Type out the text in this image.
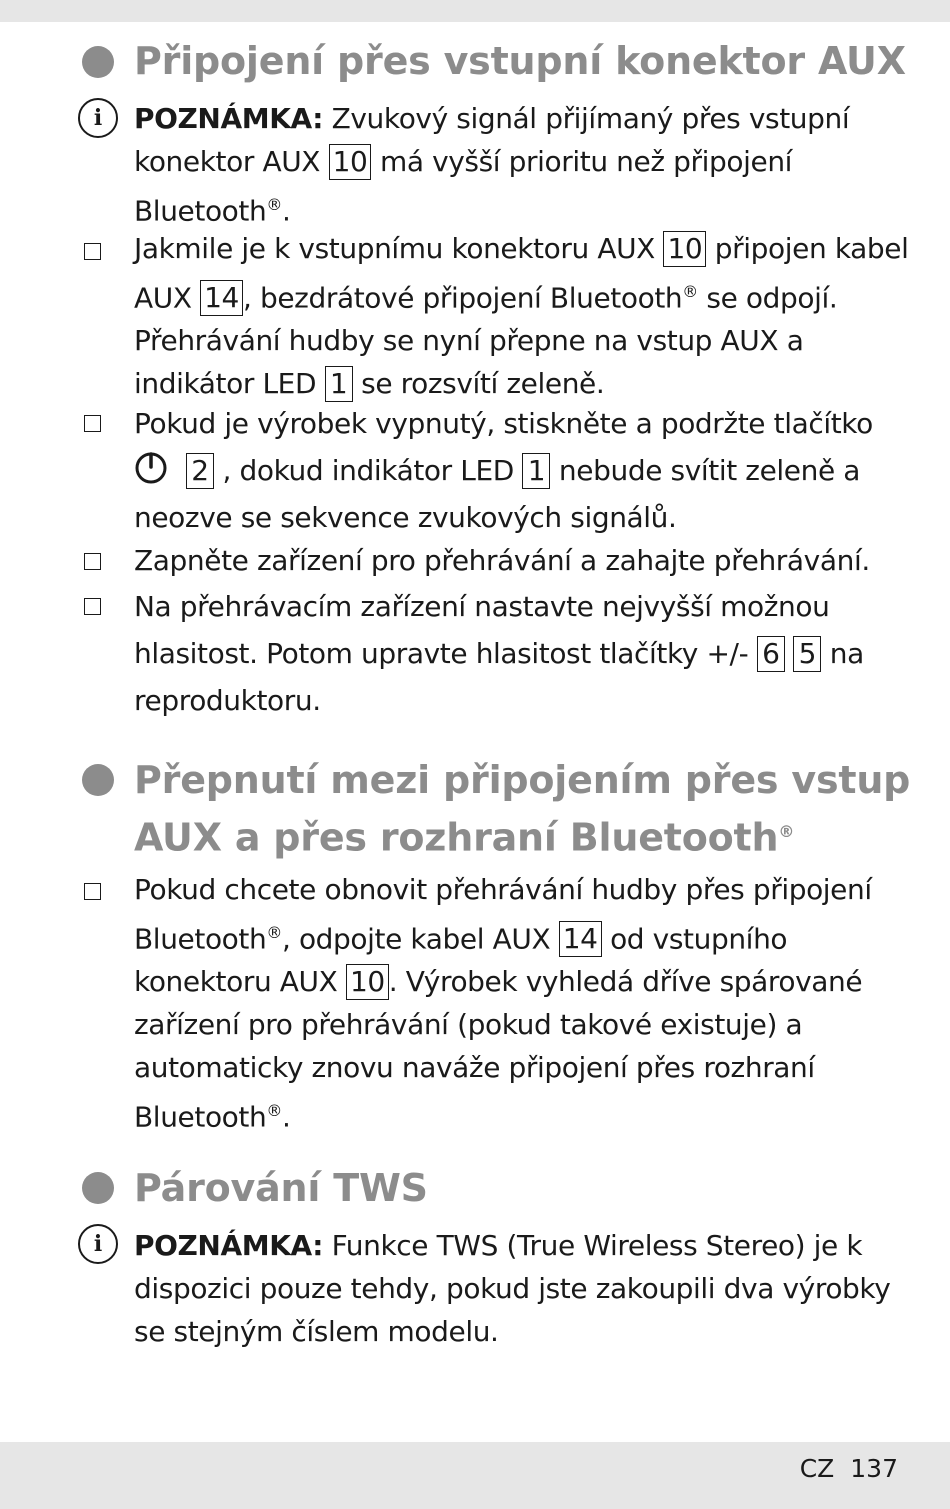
Připojení přes vstupní konektor AUX
i	POZNÁMKA: Zvukový signál přijímaný přes vstupní konektor AUX 10 má vyšší prioritu než připojení Bluetooth®.
Jakmile je k vstupnímu konektoru AUX 10 připojen kabel AUX 14 , bezdrátové připojení Bluetooth® se odpojí. Přehrávání hudby se nyní přepne na vstup AUX a indikátor LED 1 se rozsvítí zeleně.
Pokud je výrobek vypnutý, stiskněte a podržte tlačítko
2 , dokud indikátor LED 1 nebude svítit zeleně a neozve se sekvence zvukových signálů.
Zapněte zařízení pro přehrávání a zahajte přehrávání.
Na přehrávacím zařízení nastavte nejvyšší možnou hlasitost. Potom upravte hlasitost tlačítky +/- 6 5 na reproduktoru.
Přepnutí mezi připojením přes vstup AUX a přes rozhraní Bluetooth®
Pokud chcete obnovit přehrávání hudby přes připojení Bluetooth®, odpojte kabel AUX 14 od vstupního konektoru AUX 10 . Výrobek vyhledá dříve spárované zařízení pro přehrávání (pokud takové existuje) a automaticky znovu naváže připojení přes rozhraní Bluetooth®.
Párování TWS
i	POZNÁMKA: Funkce TWS (True Wireless Stereo) je k dispozici pouze tehdy, pokud jste zakoupili dva výrobky se stejným číslem modelu.
CZ 137
